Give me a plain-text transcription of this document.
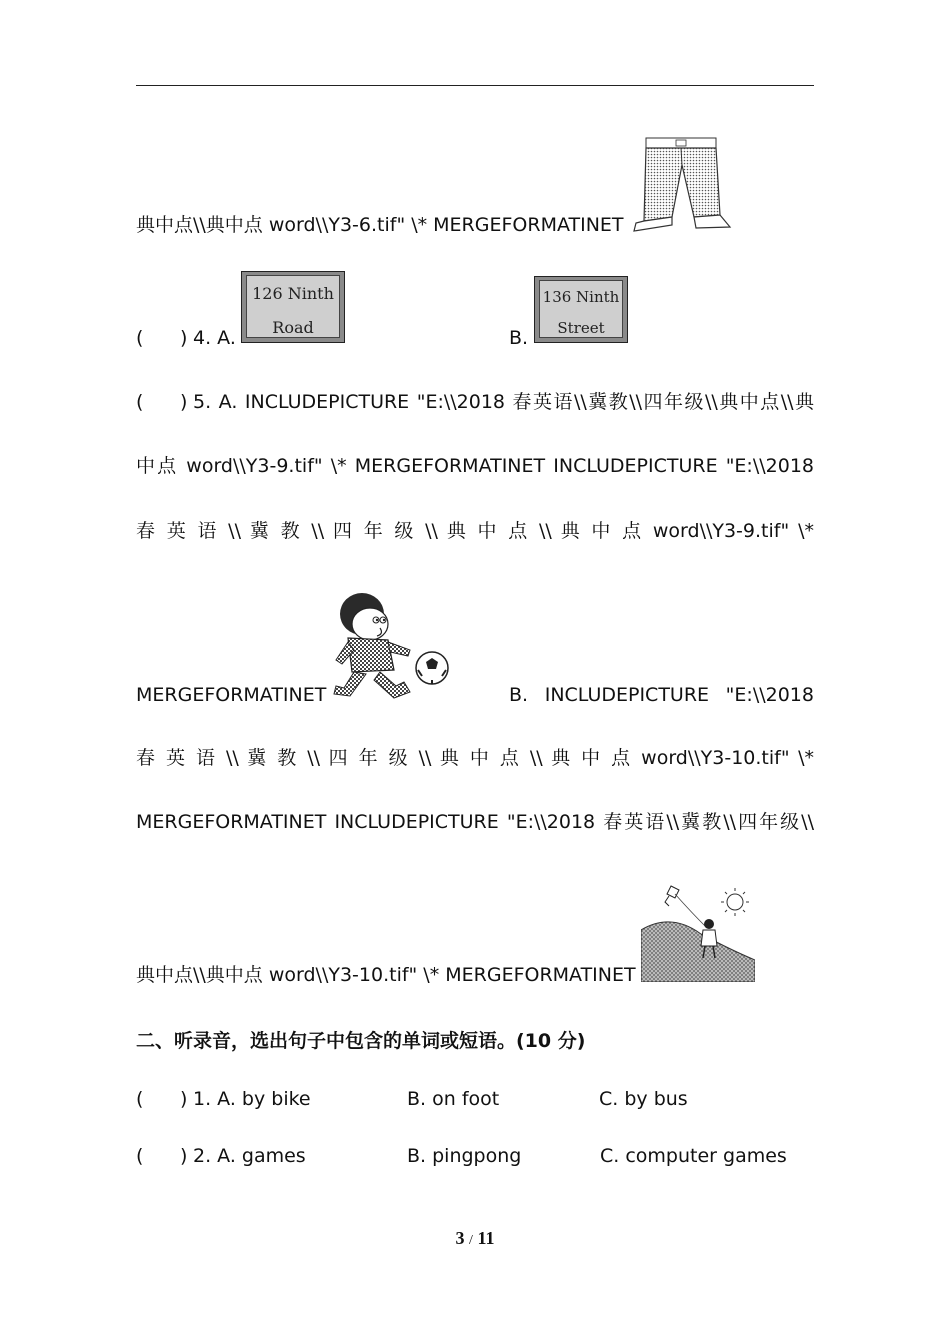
典中点\\典中点 word\\Y3-6.tif" \* MERGEFORMATINET
( ) 4. A.
126 Ninth
Road	B.
136 Ninth
Street
( ) 5. A. INCLUDEPICTURE "E:\\2018 春英语\\冀教\\四年级\\典中点\\典
中点 word\\Y3-9.tif" \* MERGEFORMATINET INCLUDEPICTURE "E:\\2018
春 英 语 \\ 冀 教 \\ 四 年 级 \\ 典 中 点 \\ 典 中 点 word\\Y3-9.tif" \*
MERGEFORMATINET	B. INCLUDEPICTURE "E:\\2018
春 英 语 \\ 冀 教 \\ 四 年 级 \\ 典 中 点 \\ 典 中 点 word\\Y3-10.tif" \*
MERGEFORMATINET INCLUDEPICTURE "E:\\2018 春英语\\冀教\\四年级\\
典中点\\典中点 word\\Y3-10.tif" \* MERGEFORMATINET
二、听录音，选出句子中包含的单词或短语。(10 分)
( ) 1. A. by bike	B. on foot	C. by bus
( ) 2. A. games	B. pingpong	C. computer games
3 / 11
